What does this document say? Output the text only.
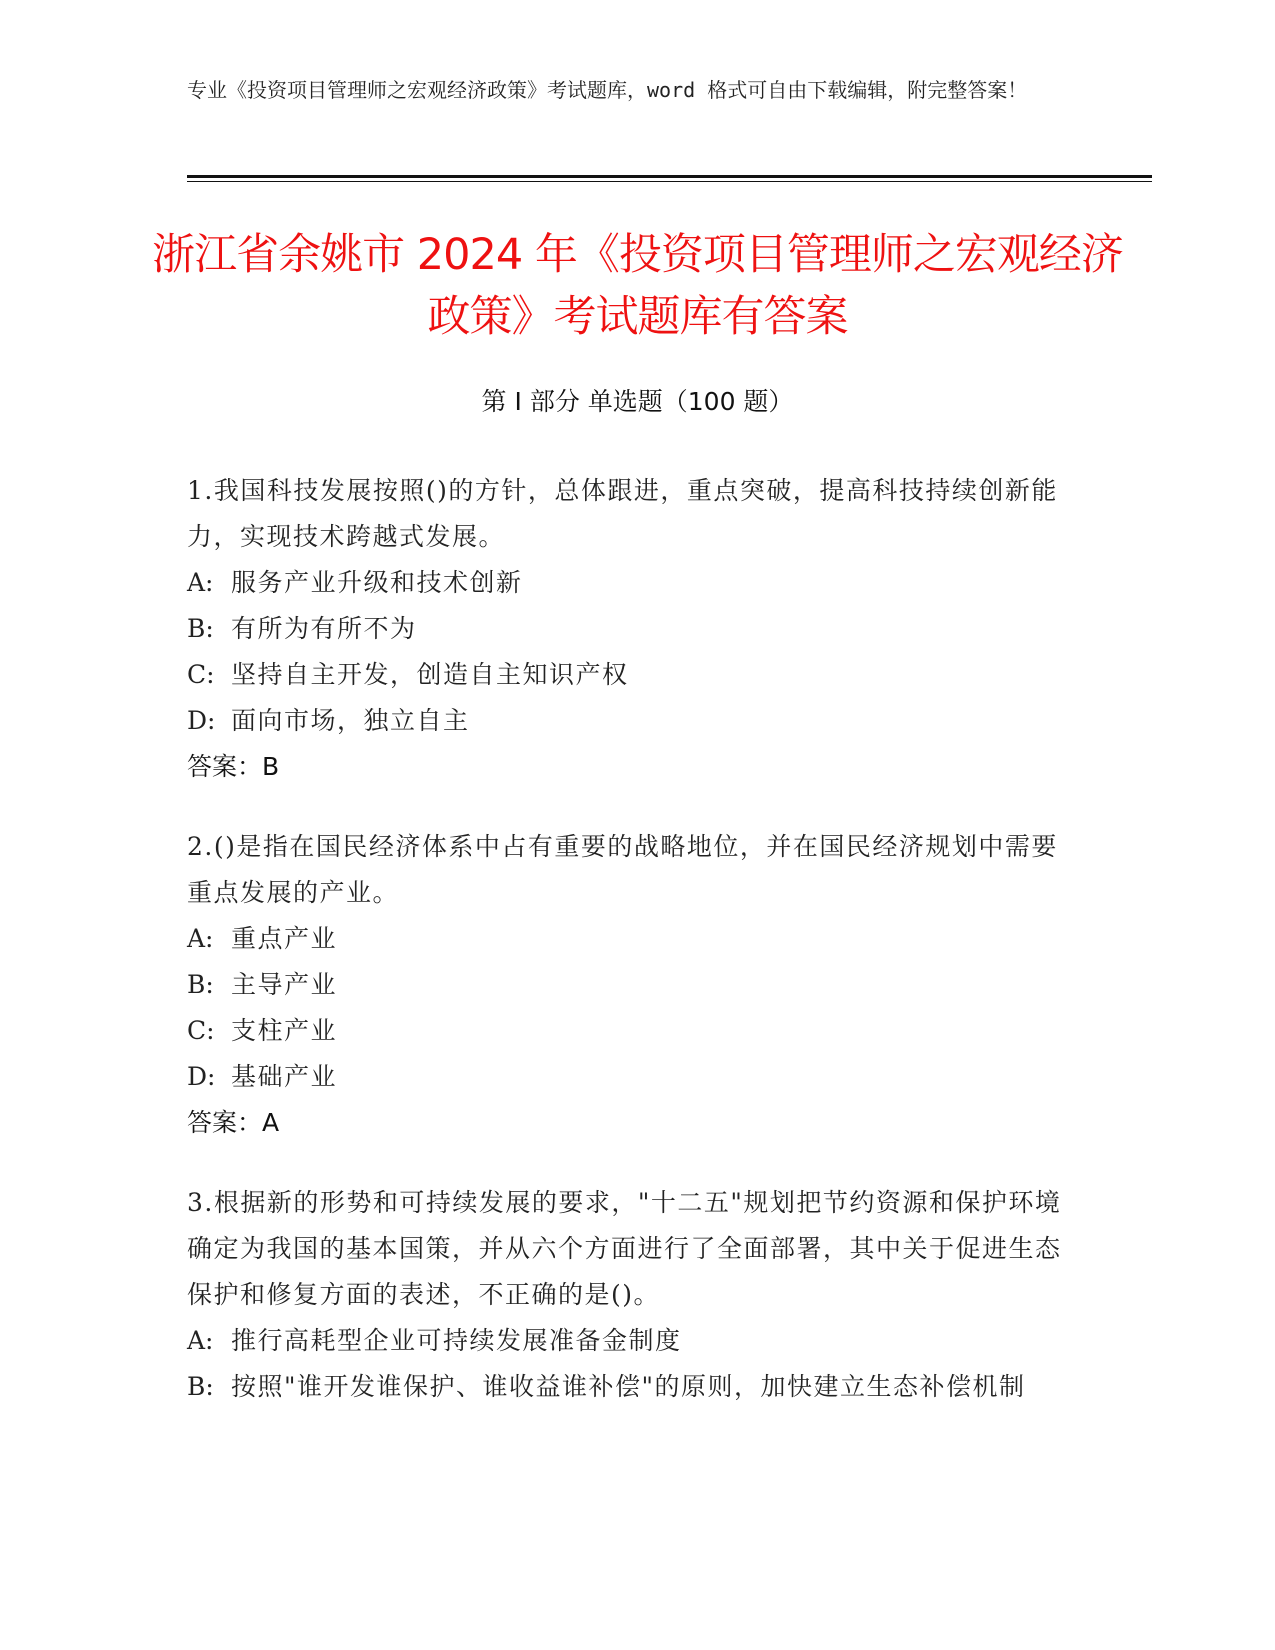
专业《投资项目管理师之宏观经济政策》考试题库，word 格式可自由下载编辑，附完整答案！
浙江省余姚市 2024 年《投资项目管理师之宏观经济政策》考试题库有答案
第 I 部分 单选题（100 题）

1.我国科技发展按照()的方针，总体跟进，重点突破，提高科技持续创新能力，实现技术跨越式发展。

A: 服务产业升级和技术创新

B: 有所为有所不为

C: 坚持自主开发，创造自主知识产权

D: 面向市场，独立自主

答案：B

2.()是指在国民经济体系中占有重要的战略地位，并在国民经济规划中需要重点发展的产业。

A: 重点产业

B: 主导产业

C: 支柱产业

D: 基础产业

答案：A

3.根据新的形势和可持续发展的要求，"十二五"规划把节约资源和保护环境确定为我国的基本国策，并从六个方面进行了全面部署，其中关于促进生态保护和修复方面的表述，不正确的是()。

A: 推行高耗型企业可持续发展准备金制度

B: 按照"谁开发谁保护、谁收益谁补偿"的原则，加快建立生态补偿机制
